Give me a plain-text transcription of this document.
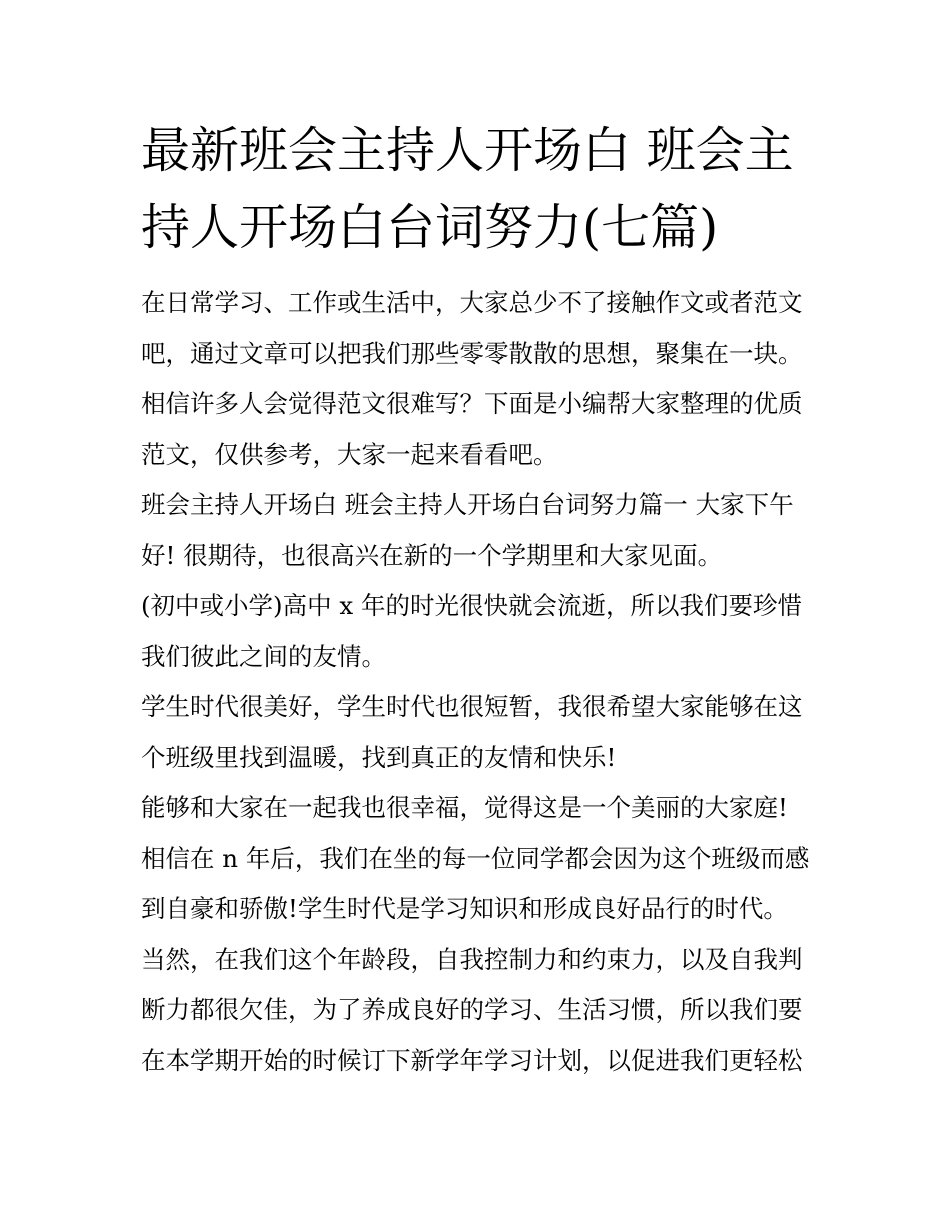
最新班会主持人开场白 班会主
持人开场白台词努力(七篇)

在日常学习、工作或生活中，大家总少不了接触作文或者范文
吧，通过文章可以把我们那些零零散散的思想，聚集在一块。
相信许多人会觉得范文很难写？下面是小编帮大家整理的优质
范文，仅供参考，大家一起来看看吧。

班会主持人开场白 班会主持人开场白台词努力篇一 大家下午
好! 很期待，也很高兴在新的一个学期里和大家见面。

(初中或小学)高中 x 年的时光很快就会流逝，所以我们要珍惜
我们彼此之间的友情。

学生时代很美好，学生时代也很短暂，我很希望大家能够在这
个班级里找到温暖，找到真正的友情和快乐!

能够和大家在一起我也很幸福，觉得这是一个美丽的大家庭!

相信在 n 年后，我们在坐的每一位同学都会因为这个班级而感
到自豪和骄傲!学生时代是学习知识和形成良好品行的时代。

当然，在我们这个年龄段，自我控制力和约束力，以及自我判
断力都很欠佳，为了养成良好的学习、生活习惯，所以我们要
在本学期开始的时候订下新学年学习计划，以促进我们更轻松
